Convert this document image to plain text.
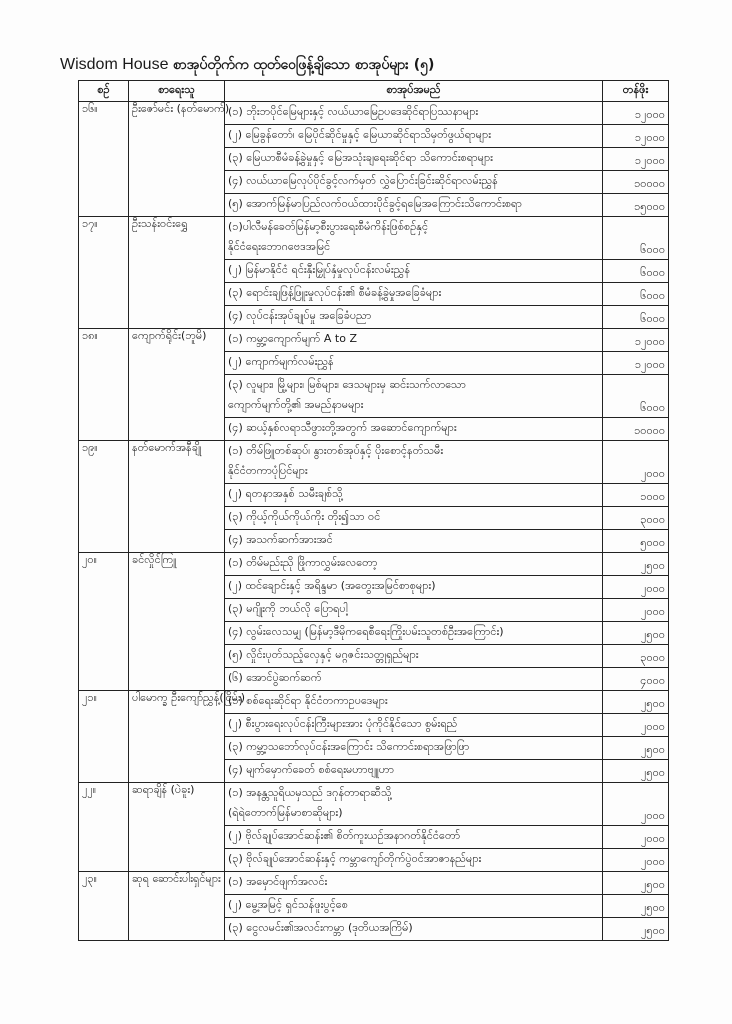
Wisdom House စာအုပ်တိုက်က ထုတ်ဝေဖြန့်ချိသော စာအုပ်များ (၅)
စဉ်	စာရေးသူ	စာအုပ်အမည်	တန်ဖိုး
၁၆။	ဦးဇော်မင်း (နတ်မောက်)	(၁) ဘိုးဘပိုင်မြေများနှင့် လယ်ယာမြေဥပဒေဆိုင်ရာပြဿနာများ	၁၂၀၀၀
		(၂) မြေခွန်တော်၊ မြေပိုင်ဆိုင်မှုနှင့် မြေယာဆိုင်ရာသိမှတ်ဖွယ်ရာများ	၁၂၀၀၀
		(၃) မြေယာစီမံခန့်ခွဲမှုနှင့် မြေအသုံးချရေးဆိုင်ရာ သိကောင်းစရာများ	၁၂၀၀၀
		(၄) လယ်ယာမြေလုပ်ပိုင်ခွင့်လက်မှတ် လွှဲပြောင်းခြင်းဆိုင်ရာလမ်းညွှန်	၁၀၀၀၀
		(၅) အောက်မြန်မာပြည်လက်ဝယ်ထားပိုင်ခွင့်ရမြေအကြောင်းသိကောင်းစရာ	၁၅၀၀၀
၁၇။	ဦးသန်းဝင်းရွှေ	(၁)ပါလီမန်ခေတ်မြန်မာ့စီးပွားရေးစီမံကိန်းဖြစ်စဉ်နှင့်
နိုင်ငံရေးဘောဂဗေဒအမြင်	၆၀၀၀
		(၂) မြန်မာနိုင်ငံ ရင်းနှီးမြှုပ်နှံမှုလုပ်ငန်းလမ်းညွှန်	၆၀၀၀
		(၃) ရောင်းချဖြန့်ဖြူးမှုလုပ်ငန်း၏ စီမံခန့်ခွဲမှုအခြေခံများ	၆၀၀၀
		(၄) လုပ်ငန်းအုပ်ချုပ်မှု အခြေခံပညာ	၆၀၀၀
၁၈။	ကျောက်ရိုင်း(ဘူမိ)	(၁) ကမ္ဘာ့ကျောက်မျက် A to Z	၁၂၀၀၀
		(၂) ကျောက်မျက်လမ်းညွှန်	၁၂၀၀၀
		(၃) လူများ၊ မြို့များ၊ မြစ်များ၊ ဒေသများမှ ဆင်းသက်လာသော
ကျောက်မျက်တို့၏ အမည်နာမများ	၆၀၀၀
		(၄) ဆယ့်နှစ်လရာသီဖွားတို့အတွက် အဆောင်ကျောက်များ	၁၀၀၀၀
၁၉။	နတ်မောက်အနီချို	(၁) တိမ်ဖြူတစ်ဆုပ်၊ နွားတစ်အုပ်နှင့် ပိုးစောင့်နတ်သမီး
နိုင်ငံတကာပုံပြင်များ	၂၀၀၀
		(၂) ရတနာအနှစ် သမီးချစ်သို့	၁၀၀၀
		(၃) ကိုယ့်ကိုယ်ကိုယ်ကိုး တိုး၍သာ ဝင်	၃၀၀၀
		(၄) အသက်ဆက်အားအင်	၅၀၀၀
၂၀။	ခင်လှိုင်ကြူ	(၁) တိမ်မည်းညို ဖြိုကာလွှမ်းလေတော့	၂၅၀၀
		(၂) ထင်ချောင်းနှင့် အရိန္ဒမာ (အတွေးအမြင်စာစုများ)	၂၀၀၀
		(၃) မဂျိုးကို ဘယ်လို ပြောရပါ့	၂၀၀၀
		(၄) လွမ်းလေသမျှ (မြန်မာ့ဒီမိုကရေစီရေးကြိုးပမ်းသူတစ်ဦးအကြောင်း)	၂၅၀၀
		(၅) လှိုင်းပုတ်သည့်လှေနှင့် မဂ္ဂဇင်းသတ္တုရှည်များ	၃၀၀၀
		(၆) အောင်ပွဲဆက်ဆက်	၄၀၀၀
၂၁။	ပါမောက္ခ ဦးကျော်ညွှန့်(ငြိမ်း)	(၁) စစ်ရေးဆိုင်ရာ နိုင်ငံတကာဥပဒေများ	၂၅၀၀
		(၂) စီးပွားရေးလုပ်ငန်းကြီးများအား ပုံကိုင်နိုင်သော စွမ်းရည်	၂၀၀၀
		(၃) ကမ္ဘာ့သဘော်လုပ်ငန်းအကြောင်း သိကောင်းစရာအဖြာဖြာ	၂၅၀၀
		(၄) မျက်မှောက်ခေတ် စစ်ရေးမဟာဗျူဟာ	၂၅၀၀
၂၂။	ဆရာချိန် (ပဲခူး)	(၁) အနန္တသူရိယမှသည် ဒဂုန်တာရာဆီသို့
(ရဲရဲတောက်မြန်မာစာဆိုများ)	၂၀၀၀
		(၂) ဗိုလ်ချုပ်အောင်ဆန်း၏ စိတ်ကူးယဉ်အနာဂတ်နိုင်ငံတော်	၂၀၀၀
		(၃) ဗိုလ်ချုပ်အောင်ဆန်းနှင့် ကမ္ဘာကျော်တိုက်ပွဲဝင်အာဇာနည်များ	၂၀၀၀
၂၃။	ဆုရ ဆောင်းပါးရှင်များ	(၁) အမှောင်ဖျက်အလင်း	၂၅၀၀
		(၂) မွေ့အမြင့် ရှင်သန်ဖူးပွင့်စေ	၂၅၀၀
		(၃) ငွေလမင်း၏အလင်းကမ္ဘာ (ဒုတိယအကြိမ်)	၂၅၀၀
